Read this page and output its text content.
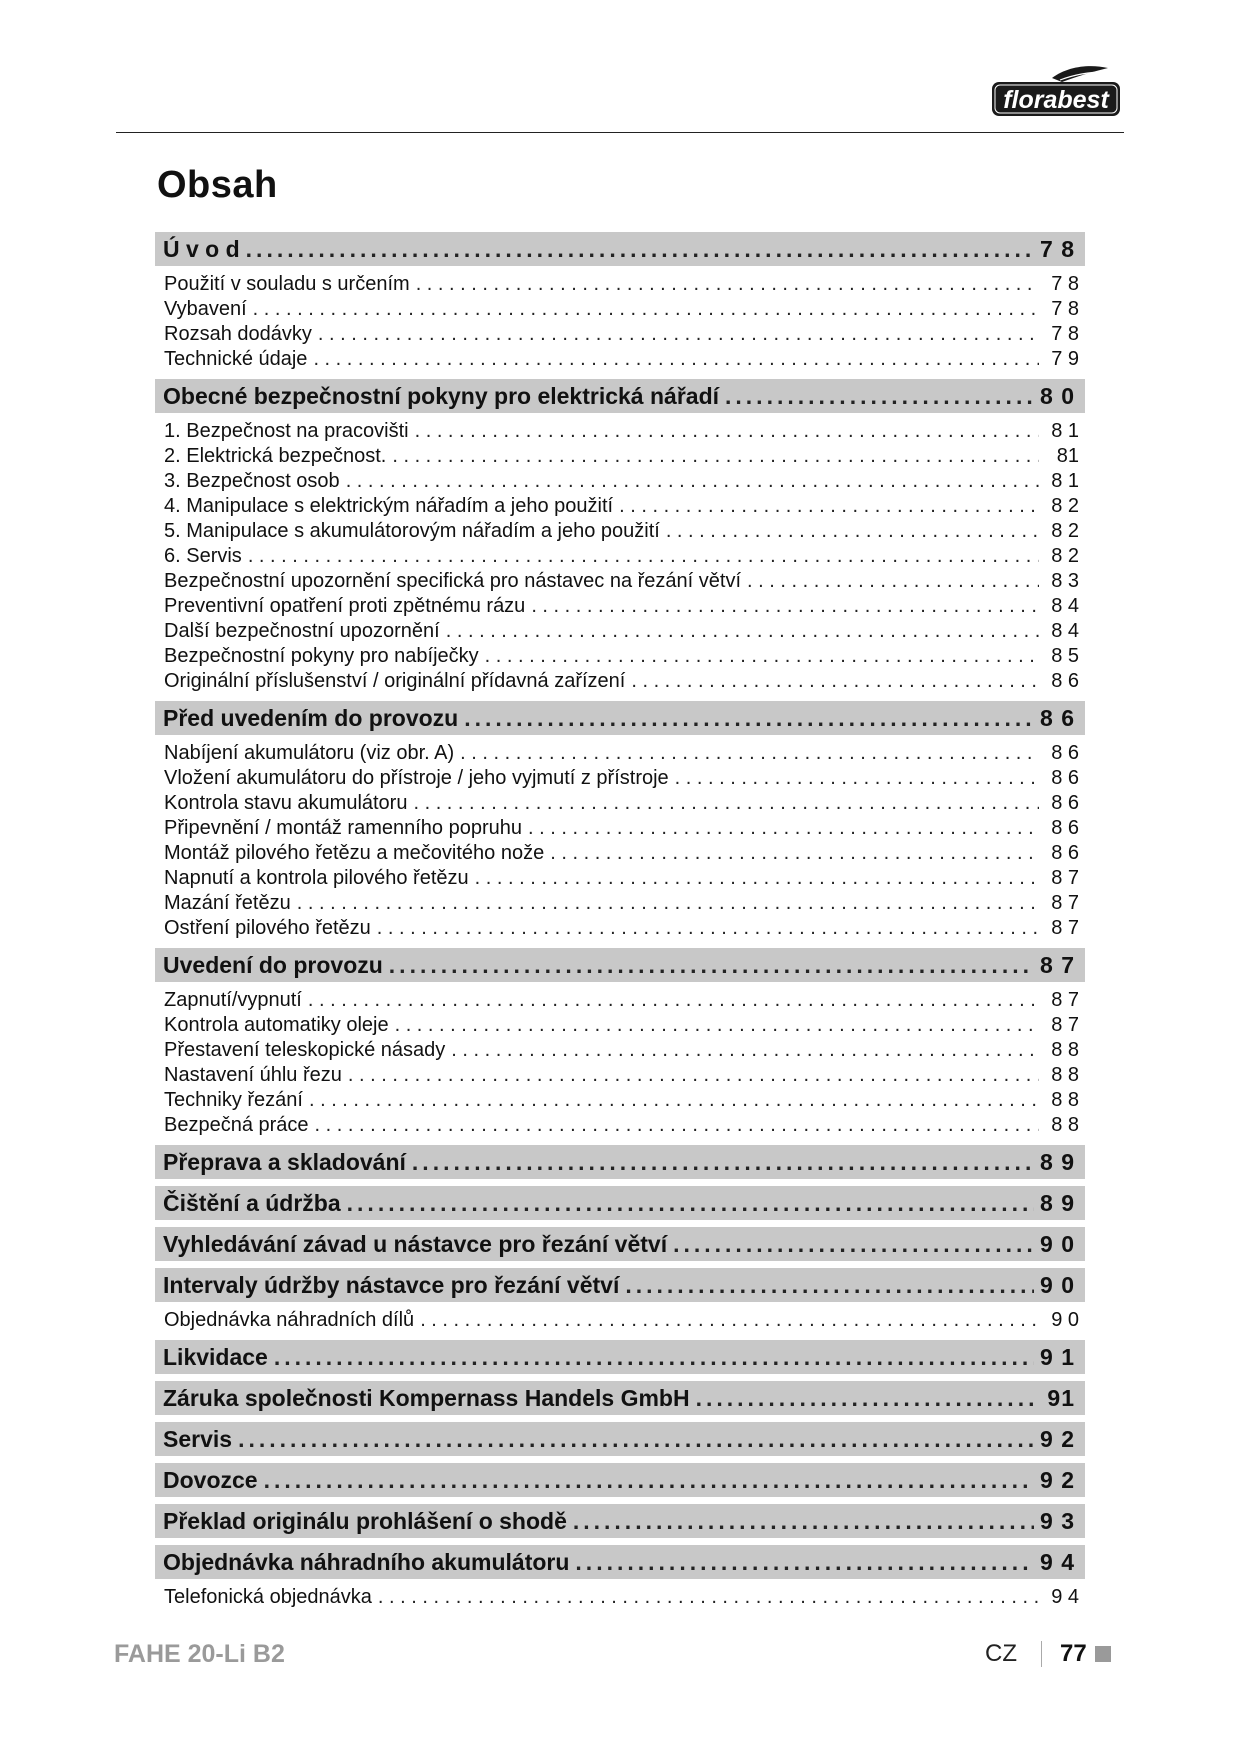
florabest
Obsah
Ú v o d .....	7 8
Použití v souladu s určením . . .	7 8
Vybavení . . .	7 8
Rozsah dodávky . . .	7 8
Technické údaje . . .	7 9
Obecné bezpečnostní pokyny pro elektrická nářadí .....	8 0
1. Bezpečnost na pracovišti . . .	8 1
2. Elektrická bezpečnost. . . .	81
3. Bezpečnost osob . . .	8 1
4. Manipulace s elektrickým nářadím a jeho použití . . .	8 2
5. Manipulace s akumulátorovým nářadím a jeho použití . . .	8 2
6. Servis . . .	8 2
Bezpečnostní upozornění specifická pro nástavec na řezání větví . . .	8 3
Preventivní opatření proti zpětnému rázu . . .	8 4
Další bezpečnostní upozornění . . .	8 4
Bezpečnostní pokyny pro nabíječky . . .	8 5
Originální příslušenství / originální přídavná zařízení . . .	8 6
Před uvedením do provozu .....	8 6
Nabíjení akumulátoru (viz obr. A) . . .	8 6
Vložení akumulátoru do přístroje / jeho vyjmutí z přístroje . . .	8 6
Kontrola stavu akumulátoru . . .	8 6
Připevnění / montáž ramenního popruhu . . .	8 6
Montáž pilového řetězu a mečovitého nože . . .	8 6
Napnutí a kontrola pilového řetězu . . .	8 7
Mazání řetězu . . .	8 7
Ostření pilového řetězu . . .	8 7
Uvedení do provozu .....	8 7
Zapnutí/vypnutí . . .	8 7
Kontrola automatiky oleje . . .	8 7
Přestavení teleskopické násady . . .	8 8
Nastavení úhlu řezu . . .	8 8
Techniky řezání . . .	8 8
Bezpečná práce . . .	8 8
Přeprava a skladování .....	8 9
Čištění a údržba .....	8 9
Vyhledávání závad u nástavce pro řezání větví .....	9 0
Intervaly údržby nástavce pro řezání větví .....	9 0
Objednávka náhradních dílů . . .	9 0
Likvidace .....	9 1
Záruka společnosti Kompernass Handels GmbH .....	91
Servis .....	9 2
Dovozce .....	9 2
Překlad originálu prohlášení o shodě .....	9 3
Objednávka náhradního akumulátoru .....	9 4
Telefonická objednávka . . .	9 4
FAHE 20-Li B2	CZ 77
